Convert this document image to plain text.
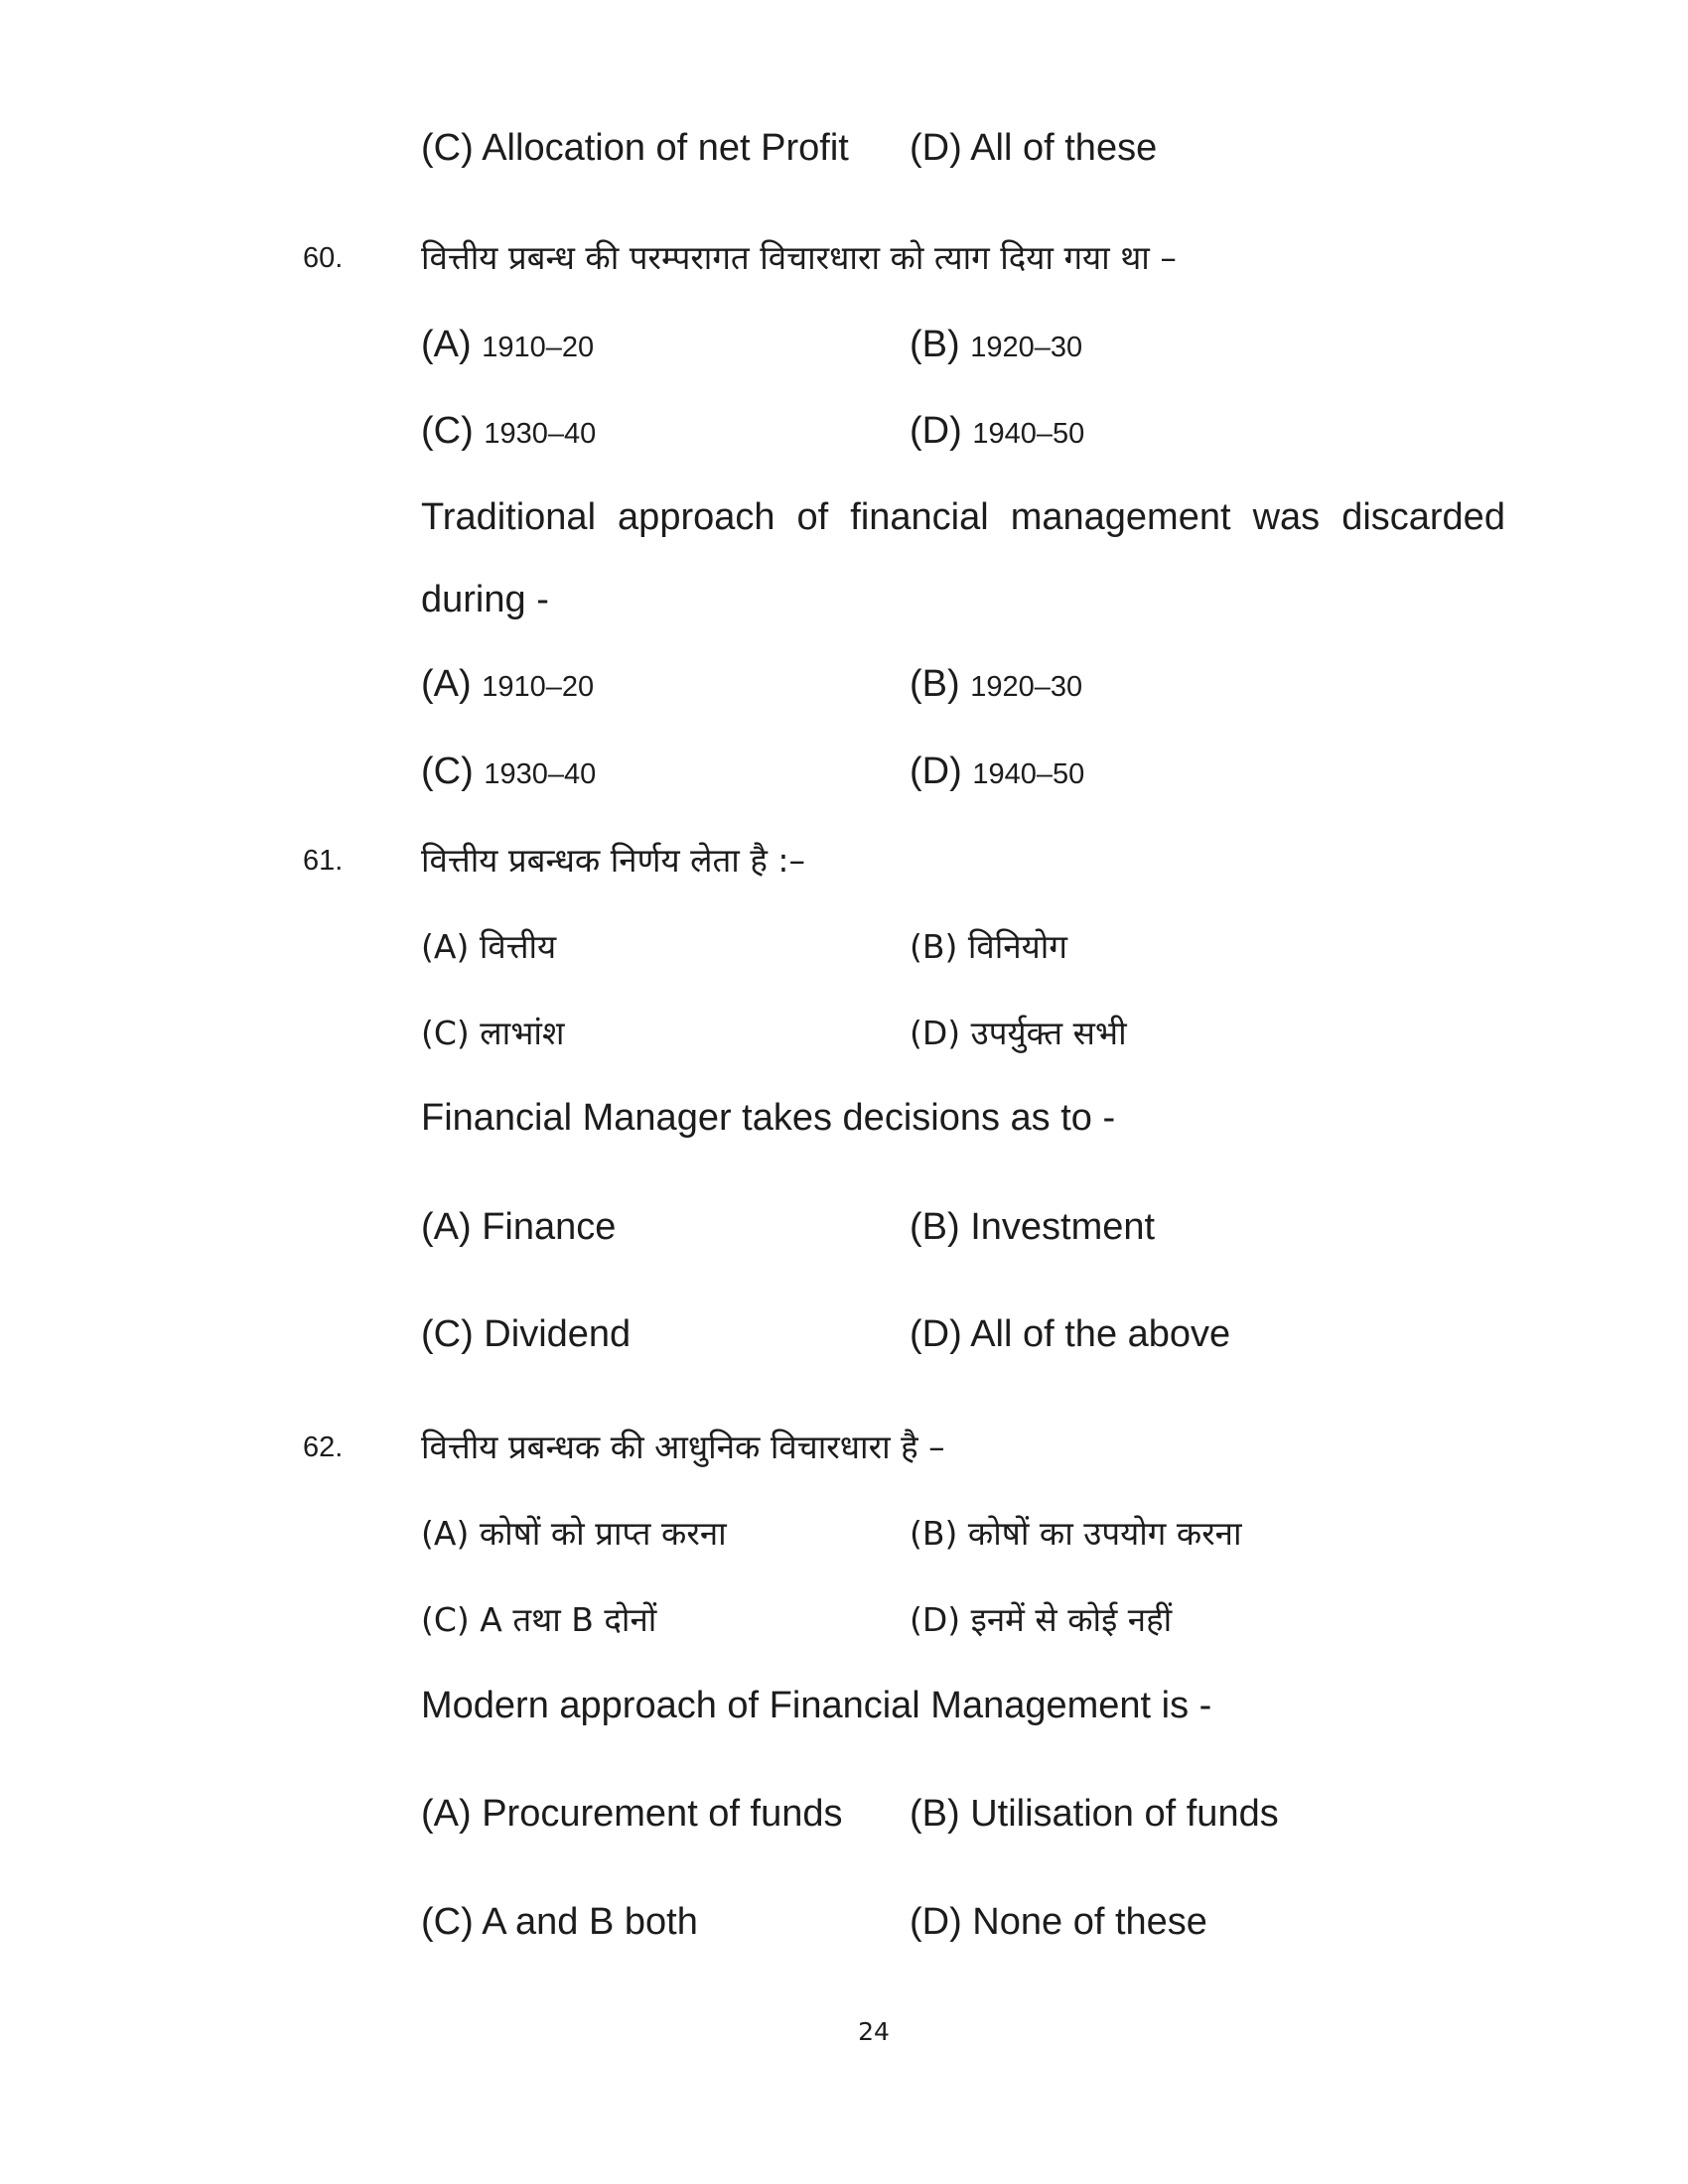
(C) Allocation of net Profit (D) All of these
60. वित्तीय प्रबन्ध की परम्परागत विचारधारा को त्याग दिया गया था –
(A) 1910–20	(B) 1920–30
(C) 1930–40	(D) 1940–50
Traditional approach of financial management was discarded
during -
(A) 1910–20	(B) 1920–30
(C) 1930–40	(D) 1940–50
61. वित्तीय प्रबन्धक निर्णय लेता है :–
(A) वित्तीय	(B) विनियोग
(C) लाभांश	(D) उपर्युक्त सभी
Financial Manager takes decisions as to -
(A) Finance	(B) Investment
(C) Dividend	(D) All of the above
62. वित्तीय प्रबन्धक की आधुनिक विचारधारा है –
(A) कोषों को प्राप्त करना	(B) कोषों का उपयोग करना
(C) A तथा B दोनों	(D) इनमें से कोई नहीं
Modern approach of Financial Management is -
(A) Procurement of funds (B) Utilisation of funds
(C) A and B both	(D) None of these
24
